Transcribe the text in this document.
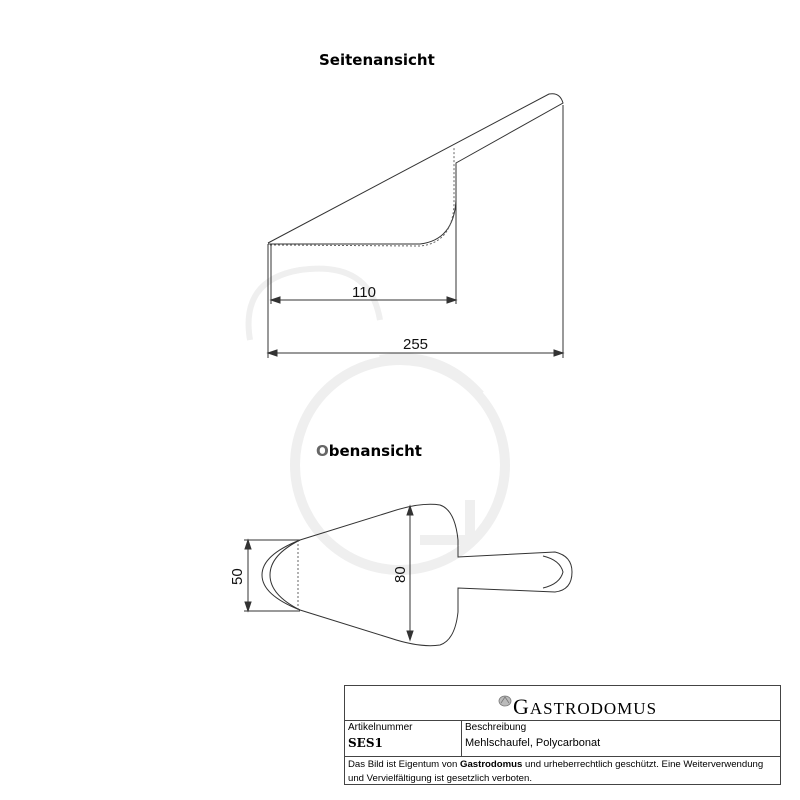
110
255
50	80
Seitenansicht
Obenansicht
GASTRODOMUS
Artikelnummer
SES1
Beschreibung
Mehlschaufel, Polycarbonat
Das Bild ist Eigentum von Gastrodomus und urheberrechtlich geschützt. Eine Weiterverwendung und Vervielfältigung ist gesetzlich verboten.
